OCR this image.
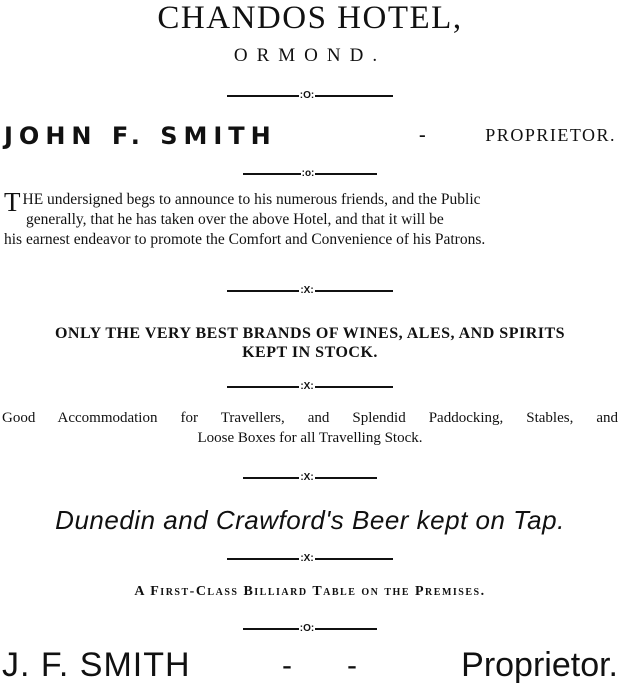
CHANDOS HOTEL,
ORMOND.
:O:
JOHN F. SMITH	-	PROPRIETOR.
:o:
THE undersigned begs to announce to his numerous friends, and the Public
generally, that he has taken over the above Hotel, and that it will be
his earnest endeavor to promote the Comfort and Convenience of his Patrons.
:X:
ONLY THE VERY BEST BRANDS OF WINES, ALES, AND SPIRITS
KEPT IN STOCK.
:X:
Good Accommodation for Travellers, and Splendid Paddocking, Stables, and
Loose Boxes for all Travelling Stock.
:X:
Dunedin and Crawford's Beer kept on Tap.
:X:
A First-Class Billiard Table on the Premises.
:O:
J. F. SMITH	- -	Proprietor.
